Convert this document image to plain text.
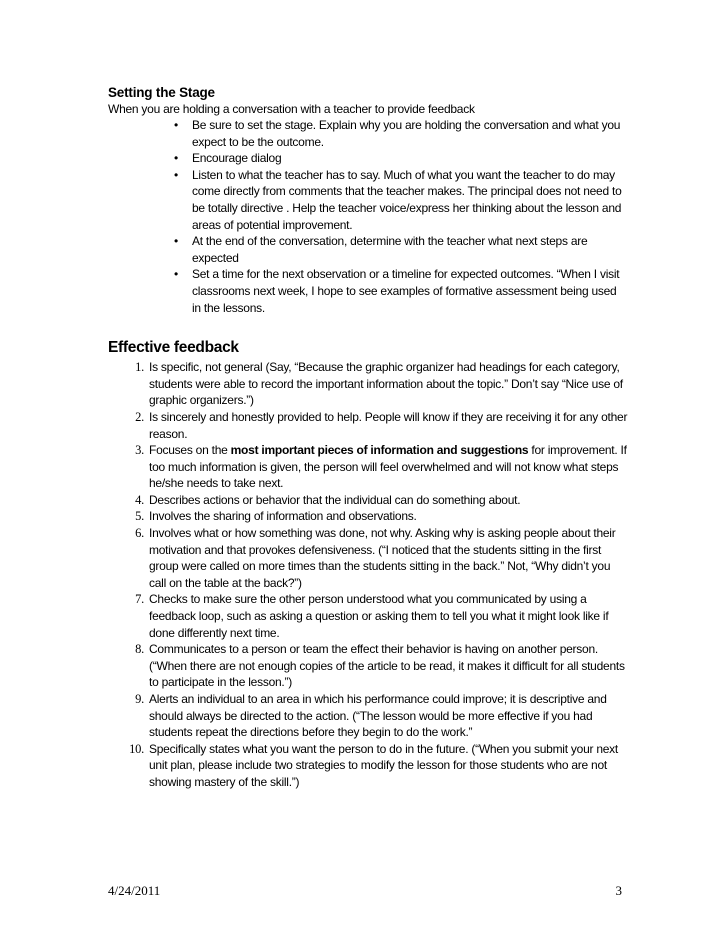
Setting the Stage

When you are holding a conversation with a teacher to provide feedback

• Be sure to set the stage. Explain why you are holding the conversation and what you expect to be the outcome.
• Encourage dialog
• Listen to what the teacher has to say. Much of what you want the teacher to do may come directly from comments that the teacher makes. The principal does not need to be totally directive . Help the teacher voice/express her thinking about the lesson and areas of potential improvement.
• At the end of the conversation, determine with the teacher what next steps are expected
• Set a time for the next observation or a timeline for expected outcomes. “When I visit classrooms next week, I hope to see examples of formative assessment being used in the lessons.
Effective feedback
1. Is specific, not general (Say, “Because the graphic organizer had headings for each category, students were able to record the important information about the topic.” Don’t say “Nice use of graphic organizers.”)
2. Is sincerely and honestly provided to help. People will know if they are receiving it for any other reason.
3. Focuses on the most important pieces of information and suggestions for improvement. If too much information is given, the person will feel overwhelmed and will not know what steps he/she needs to take next.
4. Describes actions or behavior that the individual can do something about.
5. Involves the sharing of information and observations.
6. Involves what or how something was done, not why. Asking why is asking people about their motivation and that provokes defensiveness. (“I noticed that the students sitting in the first group were called on more times than the students sitting in the back.” Not, “Why didn’t you call on the table at the back?”)
7. Checks to make sure the other person understood what you communicated by using a feedback loop, such as asking a question or asking them to tell you what it might look like if done differently next time.
8. Communicates to a person or team the effect their behavior is having on another person. (“When there are not enough copies of the article to be read, it makes it difficult for all students to participate in the lesson.”)
9. Alerts an individual to an area in which his performance could improve; it is descriptive and should always be directed to the action. (“The lesson would be more effective if you had students repeat the directions before they begin to do the work.”
10. Specifically states what you want the person to do in the future. (“When you submit your next unit plan, please include two strategies to modify the lesson for those students who are not showing mastery of the skill.”)
4/24/2011	3
